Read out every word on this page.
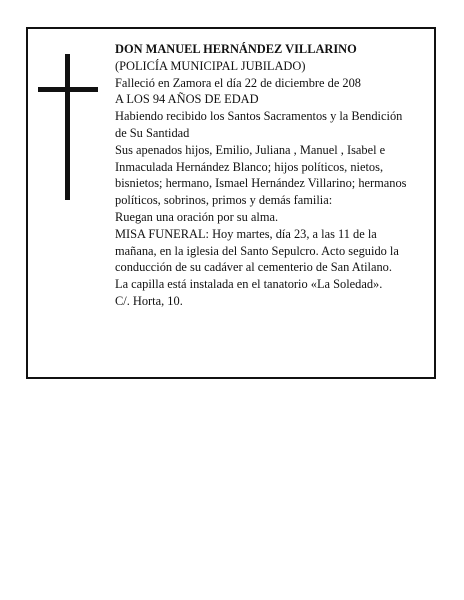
DON MANUEL HERNÁNDEZ VILLARINO

(POLICÍA MUNICIPAL JUBILADO)

Falleció en Zamora el día 22 de diciembre de 208

A LOS 94 AÑOS DE EDAD

Habiendo recibido los Santos Sacramentos y la Bendición de Su Santidad

Sus apenados hijos, Emilio, Juliana , Manuel , Isabel e Inmaculada Hernández Blanco; hijos políticos, nietos, bisnietos; hermano, Ismael Hernández Villarino; hermanos políticos, sobrinos, primos y demás familia:

Ruegan una oración por su alma.

MISA FUNERAL: Hoy martes, día 23, a las 11 de la mañana, en la iglesia del Santo Sepulcro. Acto seguido la conducción de su cadáver al cementerio de San Atilano.

La capilla está instalada en el tanatorio «La Soledad».

C/. Horta, 10.
